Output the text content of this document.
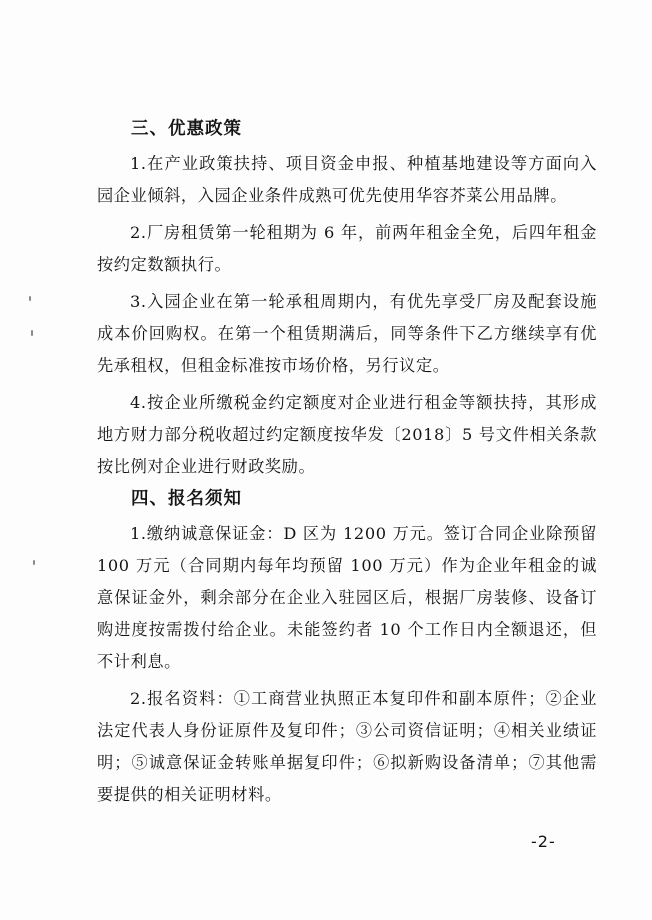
三、优惠政策

1.在产业政策扶持、项目资金申报、种植基地建设等方面向入园企业倾斜，入园企业条件成熟可优先使用华容芥菜公用品牌。

2.厂房租赁第一轮租期为 6 年，前两年租金全免，后四年租金按约定数额执行。

3.入园企业在第一轮承租周期内，有优先享受厂房及配套设施成本价回购权。在第一个租赁期满后，同等条件下乙方继续享有优先承租权，但租金标准按市场价格，另行议定。

4.按企业所缴税金约定额度对企业进行租金等额扶持，其形成地方财力部分税收超过约定额度按华发〔2018〕5 号文件相关条款按比例对企业进行财政奖励。

四、报名须知

1.缴纳诚意保证金：D 区为 1200 万元。签订合同企业除预留 100 万元（合同期内每年均预留 100 万元）作为企业年租金的诚意保证金外，剩余部分在企业入驻园区后，根据厂房装修、设备订购进度按需拨付给企业。未能签约者 10 个工作日内全额退还，但不计利息。

2.报名资料：①工商营业执照正本复印件和副本原件；②企业法定代表人身份证原件及复印件；③公司资信证明；④相关业绩证明；⑤诚意保证金转账单据复印件；⑥拟新购设备清单；⑦其他需要提供的相关证明材料。

-2-
